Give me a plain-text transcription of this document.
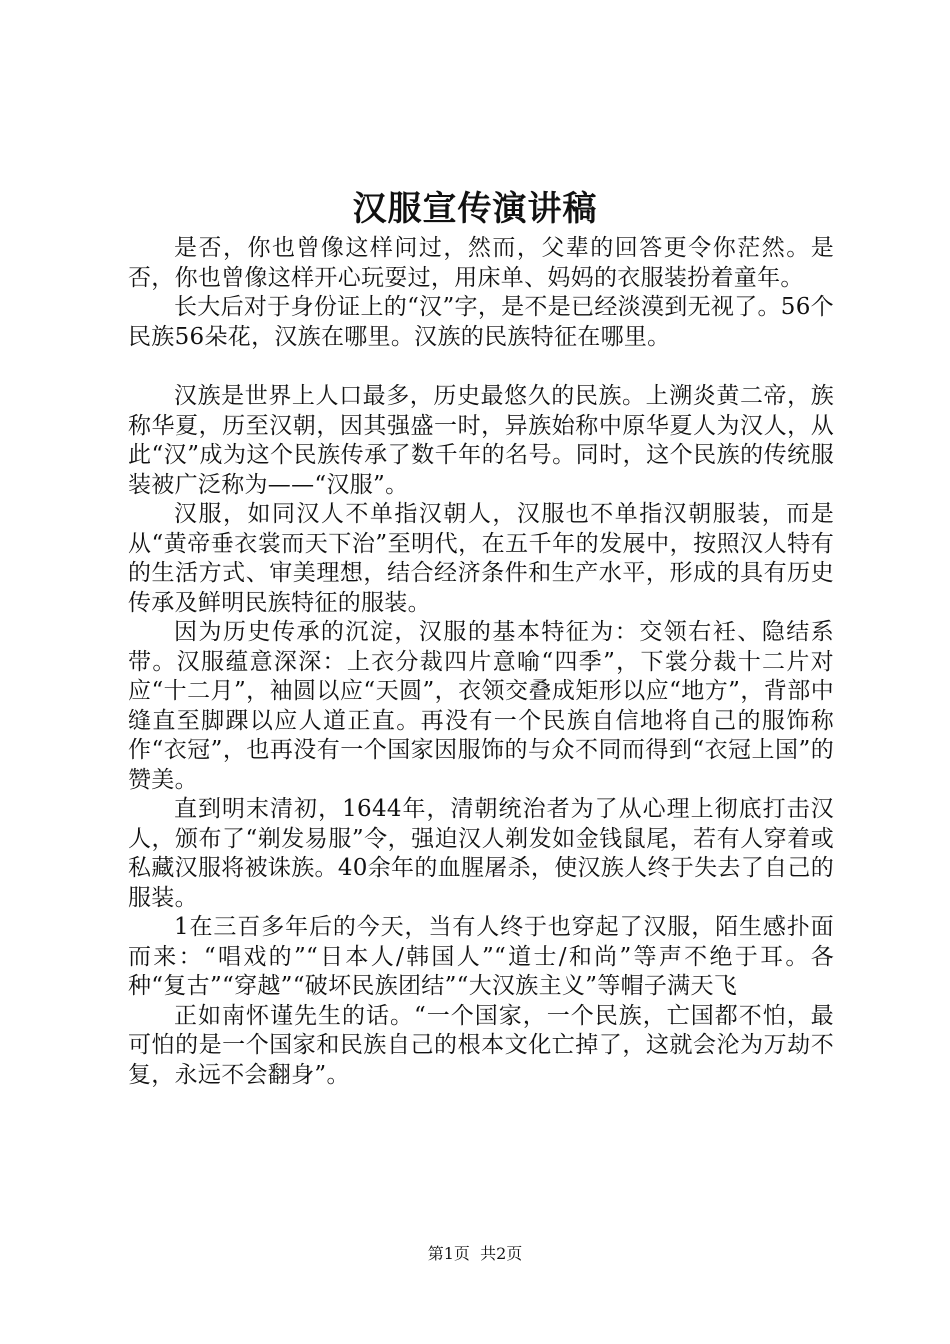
汉服宣传演讲稿

是否，你也曾像这样问过，然而，父辈的回答更令你茫然。是否，你也曾像这样开心玩耍过，用床单、妈妈的衣服装扮着童年。

长大后对于身份证上的“汉”字，是不是已经淡漠到无视了。56个民族56朵花，汉族在哪里。汉族的民族特征在哪里。

汉族是世界上人口最多，历史最悠久的民族。上溯炎黄二帝，族称华夏，历至汉朝，因其强盛一时，异族始称中原华夏人为汉人，从此“汉”成为这个民族传承了数千年的名号。同时，这个民族的传统服装被广泛称为——“汉服”。

汉服，如同汉人不单指汉朝人，汉服也不单指汉朝服装，而是从“黄帝垂衣裳而天下治”至明代，在五千年的发展中，按照汉人特有的生活方式、审美理想，结合经济条件和生产水平，形成的具有历史传承及鲜明民族特征的服装。

因为历史传承的沉淀，汉服的基本特征为：交领右衽、隐结系带。汉服蕴意深深：上衣分裁四片意喻“四季”，下裳分裁十二片对应“十二月”，袖圆以应“天圆”，衣领交叠成矩形以应“地方”，背部中缝直至脚踝以应人道正直。再没有一个民族自信地将自己的服饰称作“衣冠”，也再没有一个国家因服饰的与众不同而得到“衣冠上国”的赞美。

直到明末清初，1644年，清朝统治者为了从心理上彻底打击汉人，颁布了“剃发易服”令，强迫汉人剃发如金钱鼠尾，若有人穿着或私藏汉服将被诛族。40余年的血腥屠杀，使汉族人终于失去了自己的服装。

1在三百多年后的今天，当有人终于也穿起了汉服，陌生感扑面而来：“唱戏的”“日本人/韩国人”“道士/和尚”等声不绝于耳。各种“复古”“穿越”“破坏民族团结”“大汉族主义”等帽子满天飞

正如南怀谨先生的话。“一个国家，一个民族，亡国都不怕，最可怕的是一个国家和民族自己的根本文化亡掉了，这就会沦为万劫不复，永远不会翻身”。

第1页 共2页
